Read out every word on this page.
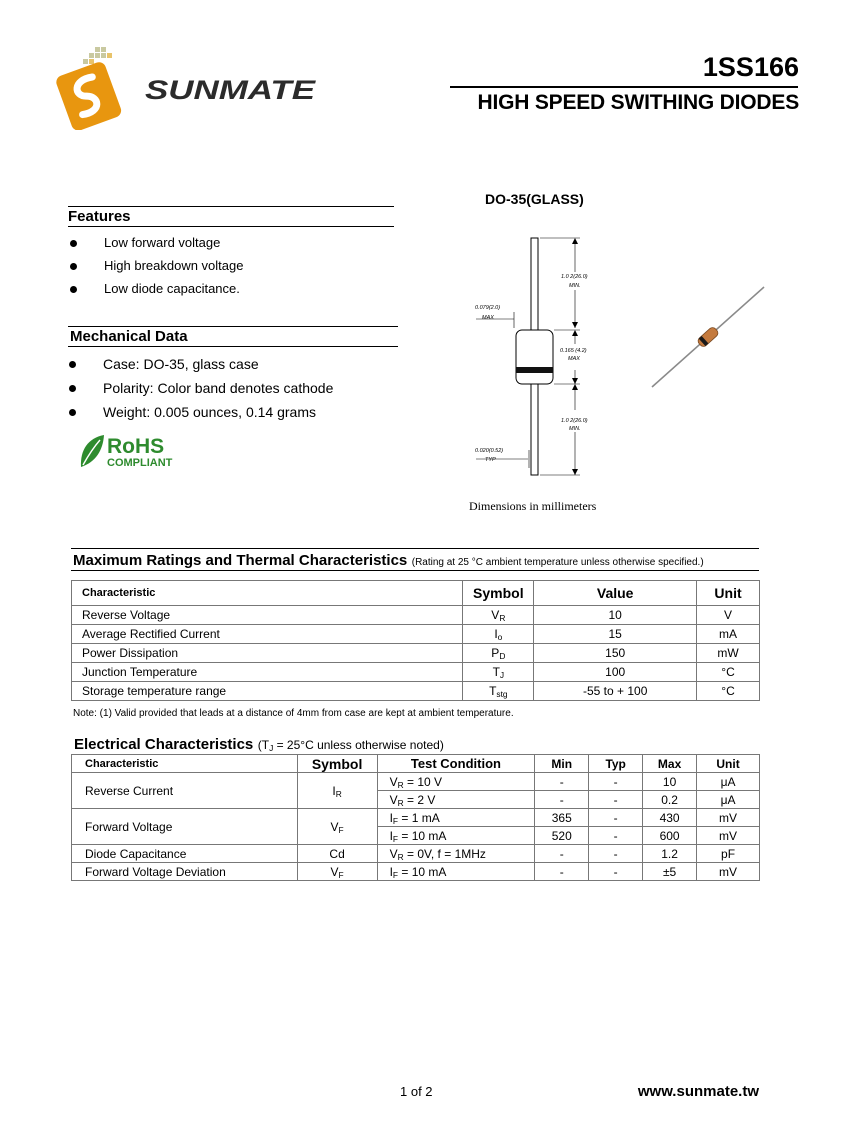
SUNMATE
1SS166
HIGH SPEED SWITHING DIODES
Features
Low forward voltage
High breakdown voltage
Low diode capacitance.
Mechanical Data
Case: DO-35, glass case
Polarity: Color band denotes cathode
Weight: 0.005 ounces, 0.14 grams
RoHS
COMPLIANT
DO-35(GLASS)
1.0 2(26.0)
MIN.
0.079(2.0)
MAX
0.165 (4.2)
MAX
1.0 2(26.0)
MIN.
0.020(0.52)
TYP
Dimensions in millimeters
Maximum Ratings and Thermal Characteristics (Rating at 25 °C ambient temperature unless otherwise specified.)
Characteristic	Symbol	Value	Unit
Reverse Voltage	$V_R$	10	V
Average Rectified Current	$I_o$	15	mA
Power Dissipation	$P_D$	150	mW
Junction Temperature	$T_J$	100	°C
Storage temperature range	$T_{stg}$	-55 to + 100	°C
Note: (1) Valid provided that leads at a distance of 4mm from case are kept at ambient temperature.
Electrical Characteristics ($T_J = 25^\circ C$ unless otherwise noted)
Characteristic	Symbol	Test Condition	Min	Typ	Max	Unit
Reverse Current	$I_R$	$V_R = 10$ V	-	-	10	μA
		$V_R = 2$ V	-	-	0.2	μA
Forward Voltage	$V_F$	$I_F = 1$ mA	365	-	430	mV
		$I_F = 10$ mA	520	-	600	mV
Diode Capacitance	Cd	$V_R = 0V$, f = 1MHz	-	-	1.2	pF
Forward Voltage Deviation	$V_F$	$I_F = 10$ mA	-	-	±5	mV
1 of 2	www.sunmate.tw
